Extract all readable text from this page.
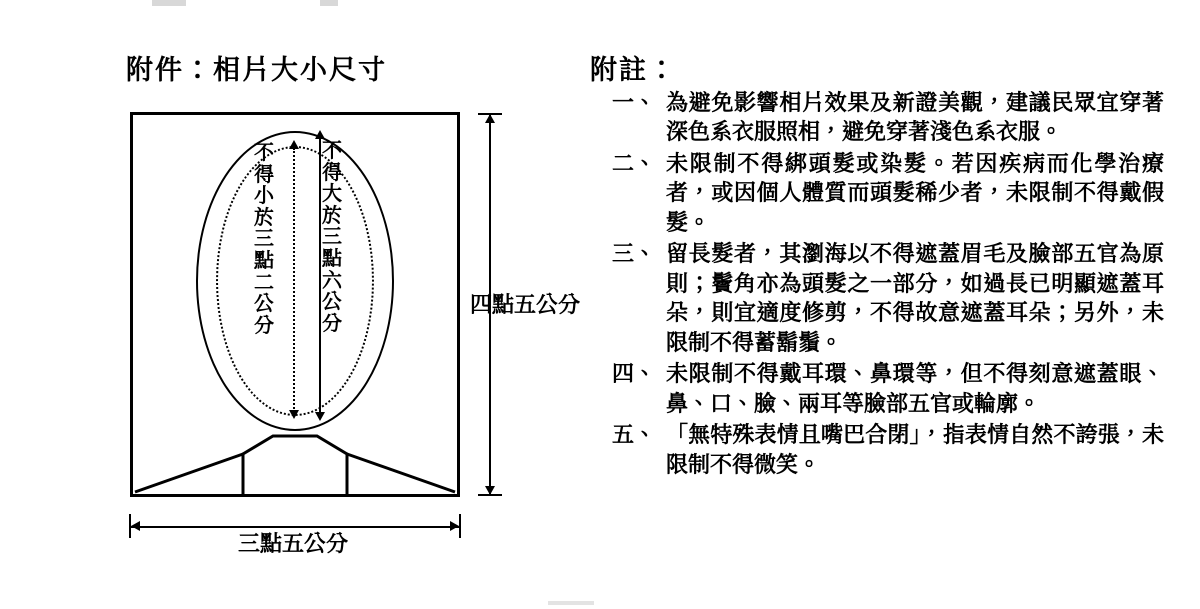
附件：相片大小尺寸
不
得
小
於
三
點
二
公
分
不
得
大
於
三
點
六
公
分
四點五公分
三點五公分
附註：
一、 為避免影響相片效果及新證美觀，建議民眾宜穿著深色系衣服照相，避免穿著淺色系衣服。
二、 未限制不得綁頭髮或染髮。若因疾病而化學治療者，或因個人體質而頭髮稀少者，未限制不得戴假髮。
三、 留長髮者，其瀏海以不得遮蓋眉毛及臉部五官為原則；鬢角亦為頭髮之一部分，如過長已明顯遮蓋耳朵，則宜適度修剪，不得故意遮蓋耳朵；另外，未限制不得蓄鬍鬚。
四、 未限制不得戴耳環、鼻環等，但不得刻意遮蓋眼、鼻、口、臉、兩耳等臉部五官或輪廓。
五、 「無特殊表情且嘴巴合閉」，指表情自然不誇張，未限制不得微笑。
